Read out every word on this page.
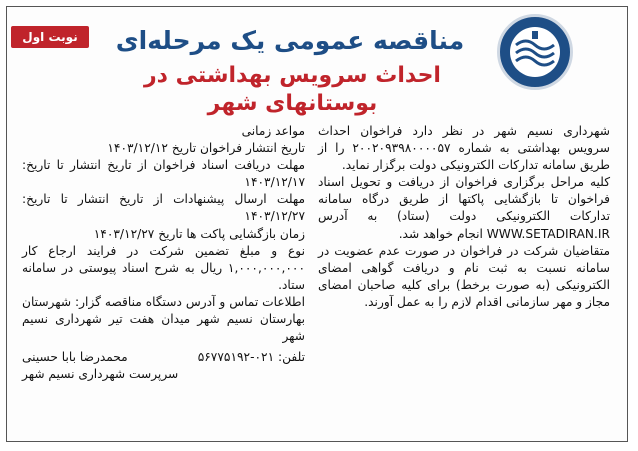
نوبت اول	مناقصه عمومی یک مرحله‌ای
احداث سرویس بهداشتی در بوستانهای شهر

شهرداری نسیم شهر در نظر دارد فراخوان احداث سرویس بهداشتی به شماره ۲۰۰۲۰۹۳۹۸۰۰۰۰۵۷ را از طریق سامانه تدارکات الکترونیکی دولت برگزار نماید.

کلیه مراحل برگزاری فراخوان از دریافت و تحویل اسناد فراخوان تا بازگشایی پاکتها از طریق درگاه سامانه تدارکات الکترونیکی دولت (ستاد) به آدرس WWW.SETADIRAN.IR انجام خواهد شد.

متقاضیان شرکت در فراخوان در صورت عدم عضویت در سامانه نسبت به ثبت نام و دریافت گواهی امضای الکترونیکی (به صورت برخط) برای کلیه صاحبان امضای مجاز و مهر سازمانی اقدام لازم را به عمل آورند.

مواعد زمانی

تاریخ انتشار فراخوان تاریخ ۱۴۰۳/۱۲/۱۲

مهلت دریافت اسناد فراخوان از تاریخ انتشار تا تاریخ: ۱۴۰۳/۱۲/۱۷

مهلت ارسال پیشنهادات از تاریخ انتشار تا تاریخ: ۱۴۰۳/۱۲/۲۷

زمان بازگشایی پاکت ها تاریخ ۱۴۰۳/۱۲/۲۷

نوع و مبلغ تضمین شرکت در فرایند ارجاع کار ۱,۰۰۰,۰۰۰,۰۰۰ ریال به شرح اسناد پیوستی در سامانه ستاد.

اطلاعات تماس و آدرس دستگاه مناقصه گزار: شهرستان بهارستان نسیم شهر میدان هفت تیر شهرداری نسیم شهر

تلفن: ۰۲۱-۵۶۷۷۵۱۹۲
محمدرضا بابا حسینی

سرپرست شهرداری نسیم شهر
